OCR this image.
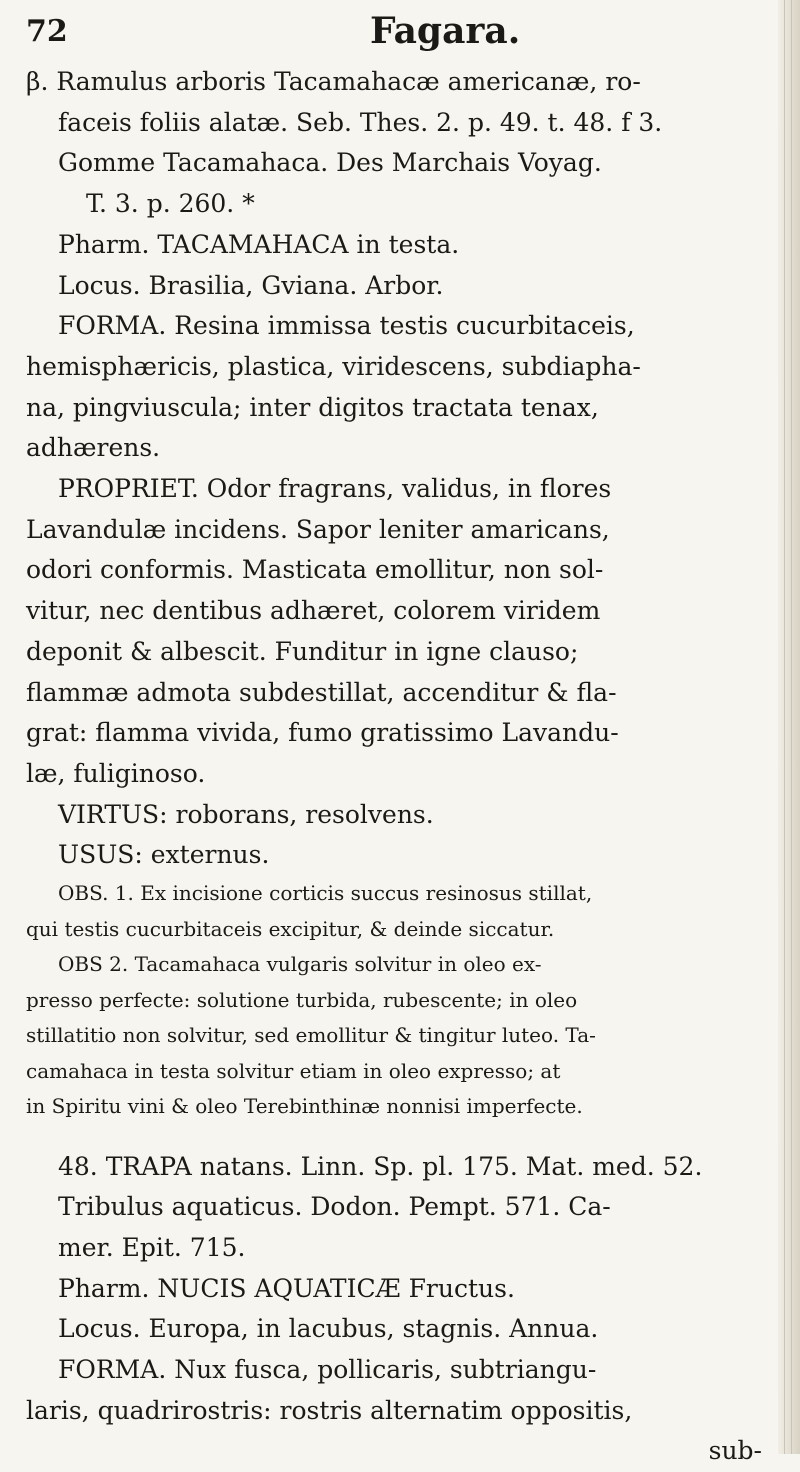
72	Fagara.
β. Ramulus arboris Tacamahacæ americanæ, ro-
faceis foliis alatæ. Seb. Thes. 2. p. 49. t. 48. f 3.
Gomme Tacamahaca. Des Marchais Voyag.
T. 3. p. 260. *
Pharm. TACAMAHACA in testa.
Locus. Brasilia, Gviana. Arbor.
FORMA. Resina immissa testis cucurbitaceis,
hemisphæricis, plastica, viridescens, subdiapha-
na, pingviuscula; inter digitos tractata tenax,
adhærens.
PROPRIET. Odor fragrans, validus, in flores
Lavandulæ incidens. Sapor leniter amaricans,
odori conformis. Masticata emollitur, non sol-
vitur, nec dentibus adhæret, colorem viridem
deponit & albescit. Funditur in igne clauso;
flammæ admota subdestillat, accenditur & fla-
grat: flamma vivida, fumo gratissimo Lavandu-
læ, fuliginoso.
VIRTUS: roborans, resolvens.
USUS: externus.
OBS. 1. Ex incisione corticis succus resinosus stillat,
qui testis cucurbitaceis excipitur, & deinde siccatur.
OBS 2. Tacamahaca vulgaris solvitur in oleo ex-
presso perfecte: solutione turbida, rubescente; in oleo
stillatitio non solvitur, sed emollitur & tingitur luteo. Ta-
camahaca in testa solvitur etiam in oleo expresso; at
in Spiritu vini & oleo Terebinthinæ nonnisi imperfecte.
48. TRAPA natans. Linn. Sp. pl. 175. Mat. med. 52.
Tribulus aquaticus. Dodon. Pempt. 571. Ca-
mer. Epit. 715.
Pharm. NUCIS AQUATICÆ Fructus.
Locus. Europa, in lacubus, stagnis. Annua.
FORMA. Nux fusca, pollicaris, subtriangu-
laris, quadrirostris: rostris alternatim oppositis,
sub-
